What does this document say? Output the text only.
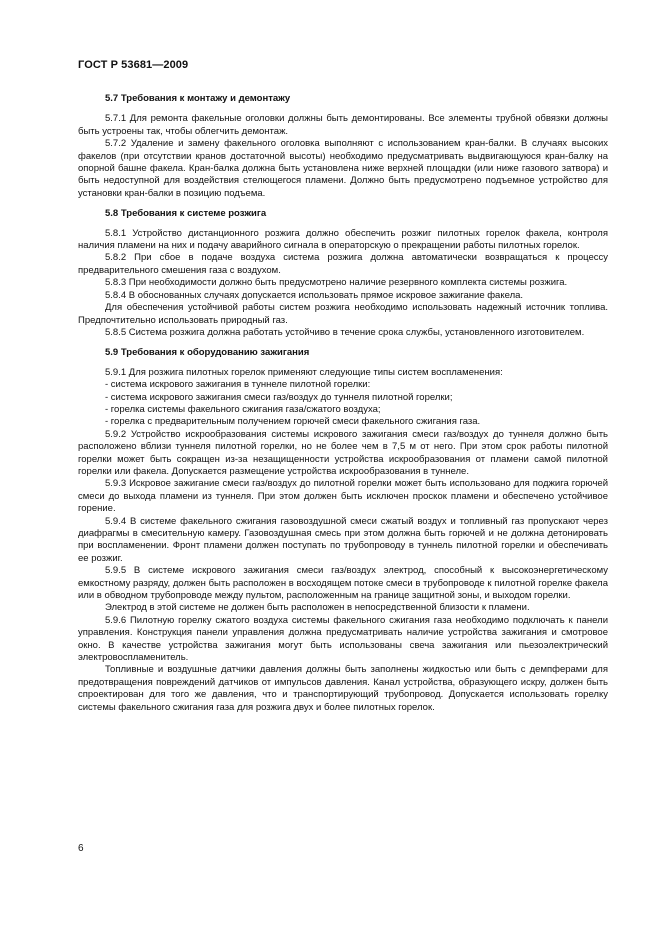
ГОСТ Р 53681—2009
5.7 Требования к монтажу и демонтажу

5.7.1 Для ремонта факельные оголовки должны быть демонтированы. Все элементы трубной обвязки должны быть устроены так, чтобы облегчить демонтаж.

5.7.2 Удаление и замену факельного оголовка выполняют с использованием кран-балки. В случаях высоких факелов (при отсутствии кранов достаточной высоты) необходимо предусматривать выдвигающуюся кран-балку на опорной башне факела. Кран-балка должна быть установлена ниже верхней площадки (или ниже газового затвора) и быть недоступной для воздействия стелющегося пламени. Должно быть предусмотрено подъемное устройство для установки кран-балки в позицию подъема.

5.8 Требования к системе розжига

5.8.1 Устройство дистанционного розжига должно обеспечить розжиг пилотных горелок факела, контроля наличия пламени на них и подачу аварийного сигнала в операторскую о прекращении работы пилотных горелок.

5.8.2 При сбое в подаче воздуха система розжига должна автоматически возвращаться к процессу предварительного смешения газа с воздухом.

5.8.3 При необходимости должно быть предусмотрено наличие резервного комплекта системы розжига.

5.8.4 В обоснованных случаях допускается использовать прямое искровое зажигание факела.

Для обеспечения устойчивой работы систем розжига необходимо использовать надежный источник топлива. Предпочтительно использовать природный газ.

5.8.5 Система розжига должна работать устойчиво в течение срока службы, установленного изготовителем.

5.9 Требования к оборудованию зажигания

5.9.1 Для розжига пилотных горелок применяют следующие типы систем воспламенения:

- система искрового зажигания в туннеле пилотной горелки:

- система искрового зажигания смеси газ/воздух до туннеля пилотной горелки;

- горелка системы факельного сжигания газа/сжатого воздуха;

- горелка с предварительным получением горючей смеси факельного сжигания газа.

5.9.2 Устройство искрообразования системы искрового зажигания смеси газ/воздух до туннеля должно быть расположено вблизи туннеля пилотной горелки, но не более чем в 7,5 м от него. При этом срок работы пилотной горелки может быть сокращен из-за незащищенности устройства искрообразования от пламени самой пилотной горелки или факела. Допускается размещение устройства искрообразования в туннеле.

5.9.3 Искровое зажигание смеси газ/воздух до пилотной горелки может быть использовано для поджига горючей смеси до выхода пламени из туннеля. При этом должен быть исключен проскок пламени и обеспечено устойчивое горение.

5.9.4 В системе факельного сжигания газовоздушной смеси сжатый воздух и топливный газ пропускают через диафрагмы в смесительную камеру. Газовоздушная смесь при этом должна быть горючей и не должна детонировать при воспламенении. Фронт пламени должен поступать по трубопроводу в туннель пилотной горелки и обеспечивать ее розжиг.

5.9.5 В системе искрового зажигания смеси газ/воздух электрод, способный к высокоэнергетическому емкостному разряду, должен быть расположен в восходящем потоке смеси в трубопроводе к пилотной горелке факела или в обводном трубопроводе между пультом, расположенным на границе защитной зоны, и выходом горелки.

Электрод в этой системе не должен быть расположен в непосредственной близости к пламени.

5.9.6 Пилотную горелку сжатого воздуха системы факельного сжигания газа необходимо подключать к панели управления. Конструкция панели управления должна предусматривать наличие устройства зажигания и смотровое окно. В качестве устройства зажигания могут быть использованы свеча зажигания или пьезоэлектрический электровоспламенитель.

Топливные и воздушные датчики давления должны быть заполнены жидкостью или быть с демпферами для предотвращения повреждений датчиков от импульсов давления. Канал устройства, образующего искру, должен быть спроектирован для того же давления, что и транспортирующий трубопровод. Допускается использовать горелку системы факельного сжигания газа для розжига двух и более пилотных горелок.

6
